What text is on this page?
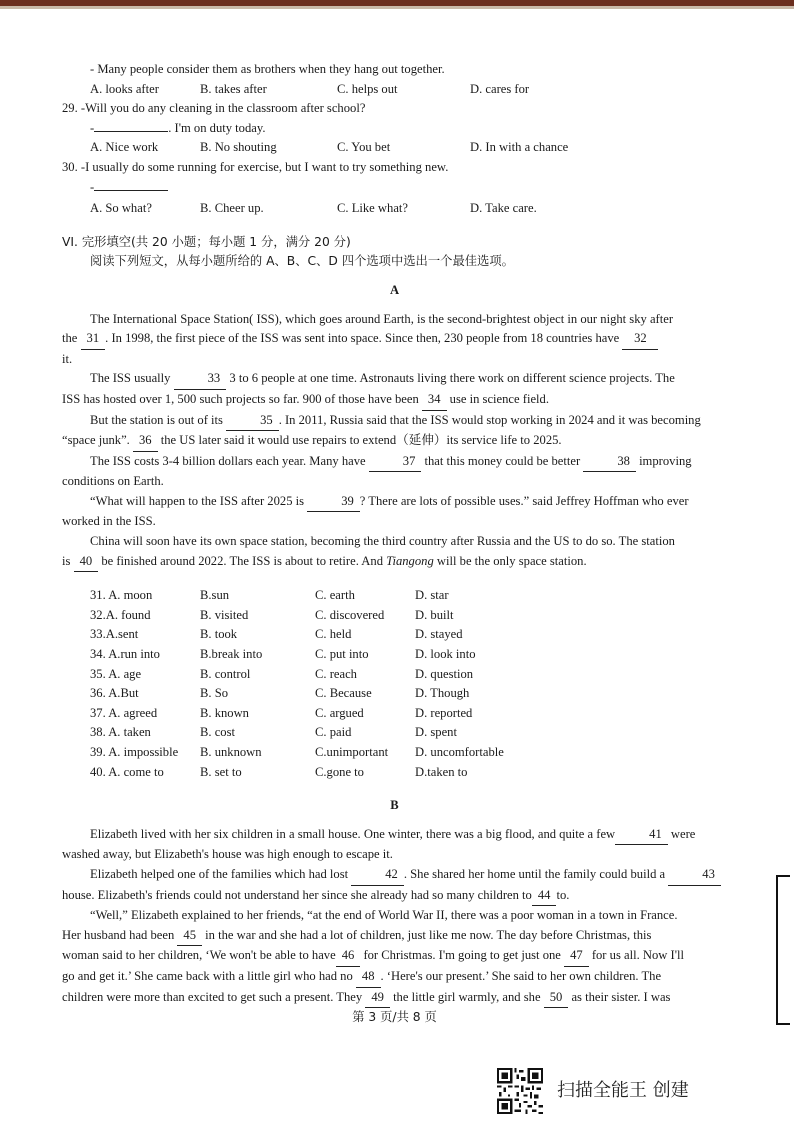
- Many people consider them as brothers when they hang out together.
A. looks after	B. takes after	C. helps out	D. cares for
29. -Will you do any cleaning in the classroom after school?
-	. I'm on duty today.
A. Nice work	B. No shouting	C. You bet	D. In with a chance
30. -I usually do some running for exercise, but I want to try something new.
-
A. So what?	B. Cheer up.	C. Like what?	D. Take care.
VI. 完形填空(共 20 小题；每小题 1 分，满分 20 分)
阅读下列短文，从每小题所给的 A、B、C、D 四个选项中选出一个最佳选项。
A
The International Space Station( ISS), which goes around Earth, is the second-brightest object in our night sky after
the 31 . In 1998, the first piece of the ISS was sent into space. Since then, 230 people from 18 countries have 32
it.
The ISS usually	33 3 to 6 people at one time. Astronauts living there work on different science projects. The
ISS has hosted over 1, 500 such projects so far. 900 of those have been 34 use in science field.
But the station is out of its	35 . In 2011, Russia said that the ISS would stop working in 2024 and it was becoming
“space junk”. 36 the US later said it would use repairs to extend（延伸）its service life to 2025.
The ISS costs 3-4 billion dollars each year. Many have	37 that this money could be better	38 improving
conditions on Earth.
“What will happen to the ISS after 2025 is	39 ? There are lots of possible uses.” said Jeffrey Hoffman who ever
worked in the ISS.
China will soon have its own space station, becoming the third country after Russia and the US to do so. The station
is 40 be finished around 2022. The ISS is about to retire. And Tiangong will be the only space station.
31. A. moon	B.sun	C. earth	D. star
32.A. found	B. visited	C. discovered	D. built
33.A.sent	B. took	C. held	D. stayed
34. A.run into	B.break into	C. put into	D. look into
35. A. age	B. control	C. reach	D. question
36. A.But	B. So	C. Because	D. Though
37. A. agreed	B. known	C. argued	D. reported
38. A. taken	B. cost	C. paid	D. spent
39. A. impossible	B. unknown	C.unimportant	D. uncomfortable
40. A. come to	B. set to	C.gone to	D.taken to
B
Elizabeth lived with her six children in a small house. One winter, there was a big flood, and quite a few	41 were
washed away, but Elizabeth's house was high enough to escape it.
Elizabeth helped one of the families which had lost	42 . She shared her home until the family could build a	43
house. Elizabeth's friends could not understand her since she already had so many children to 44 to.
“Well,” Elizabeth explained to her friends, “at the end of World War II, there was a poor woman in a town in France.
Her husband had been 45 in the war and she had a lot of children, just like me now. The day before Christmas, this
woman said to her children, ‘We won't be able to have 46 for Christmas. I'm going to get just one 47 for us all. Now I'll
go and get it.’ She came back with a little girl who had no 48 . ‘Here's our present.’ She said to her own children. The
children were more than excited to get such a present. They 49 the little girl warmly, and she 50 as their sister. I was
第 3 页/共 8 页
扫描全能王 创建
